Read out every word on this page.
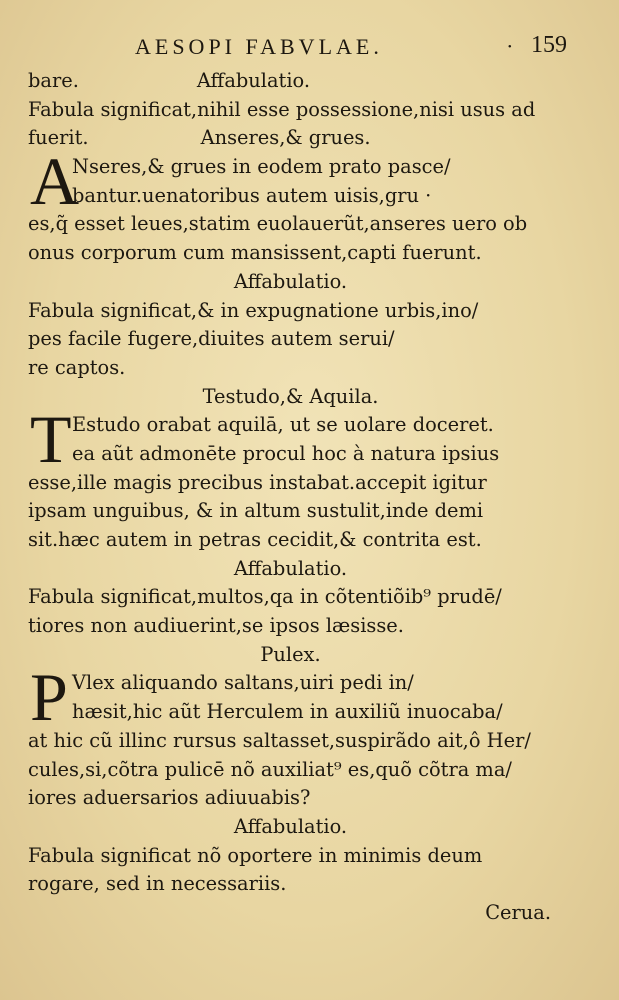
AESOPI FABVLAE.	· 159
bare.	Affabulatio.
Fabula significat,nihil esse possessione,nisi usus ad
fuerit.	Anseres,& grues.
A
Nseres,& grues in eodem prato pasce/
bantur.uenatoribus autem uisis,gru ·
es,q̃ esset leues,statim euolauerũt,anseres uero ob
onus corporum cum mansissent,capti fuerunt.
Affabulatio.
Fabula significat,& in expugnatione urbis,ino/
pes facile fugere,diuites autem serui/
re captos.
Testudo,& Aquila.
T Estudo orabat aquilā, ut se uolare doceret.
ea aũt admonēte procul hoc à natura ipsius
esse,ille magis precibus instabat.accepit igitur
ipsam unguibus, & in altum sustulit,inde demi
sit.hæc autem in petras cecidit,& contrita est.
Affabulatio.
Fabula significat,multos,qa in cõtentiõib⁹ prudē/
tiores non audiuerint,se ipsos læsisse.
Pulex.
P Vlex aliquando saltans,uiri pedi in/
hæsit,hic aũt Herculem in auxiliũ inuocaba/
at hic cũ illinc rursus saltasset,suspirãdo ait,ô Her/
cules,si,cõtra pulicē nõ auxiliat⁹ es,quõ cõtra ma/
iores aduersarios adiuuabis?
Affabulatio.
Fabula significat nõ oportere in minimis deum
rogare, sed in necessariis.
Cerua.
